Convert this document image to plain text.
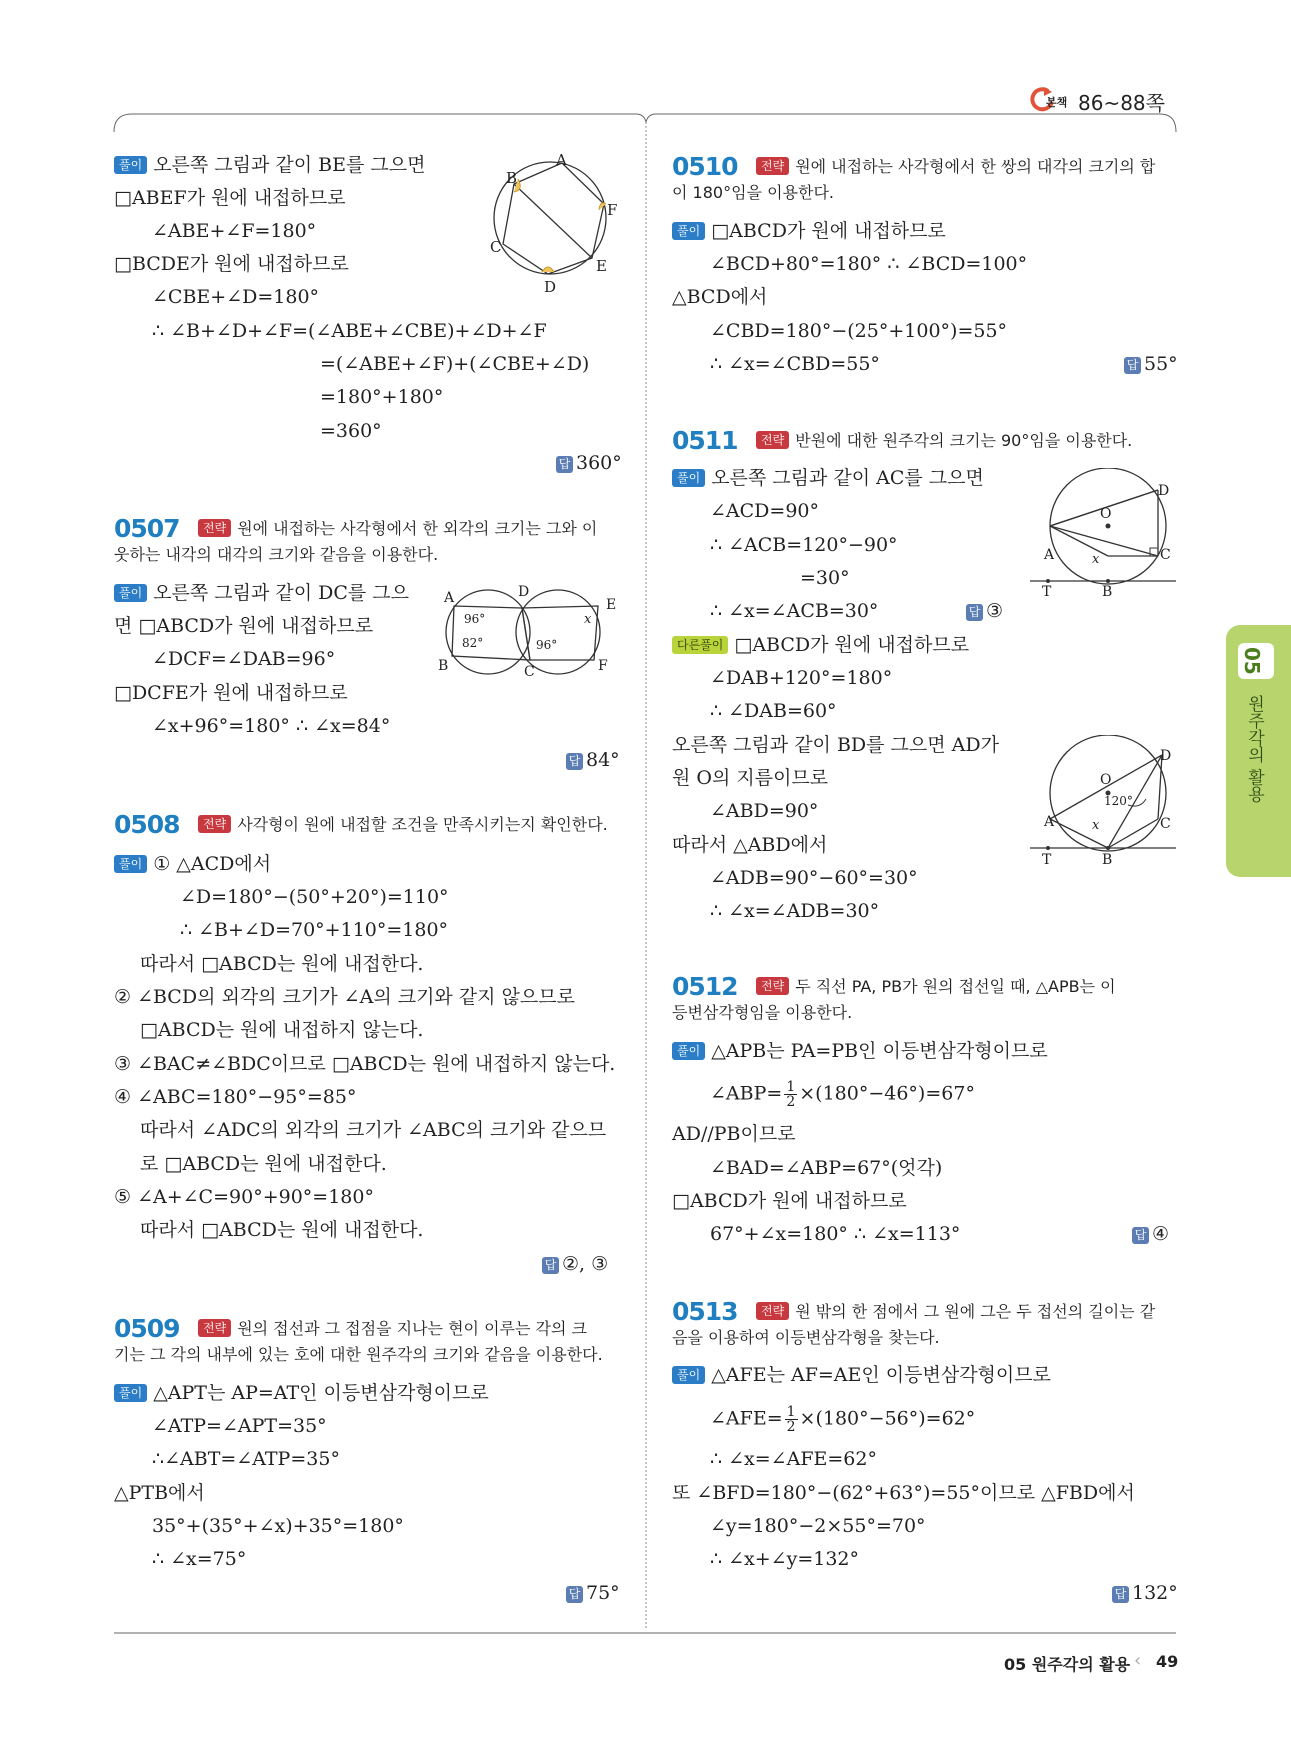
본책 86~88쪽
05
원주각의 활용
풀이 오른쪽 그림과 같이 BE를 그으면
□ABEF가 원에 내접하므로
∠ABE+∠F=180°
□BCDE가 원에 내접하므로
∠CBE+∠D=180°
∴ ∠B+∠D+∠F=(∠ABE+∠CBE)+∠D+∠F
=(∠ABE+∠F)+(∠CBE+∠D)
=180°+180°
=360°
답 360°
A
B
C
D
E
F
0507	전략 원에 내접하는 사각형에서 한 외각의 크기는 그와 이
웃하는 내각의 대각의 크기와 같음을 이용한다.
풀이 오른쪽 그림과 같이 DC를 그으
면 □ABCD가 원에 내접하므로
∠DCF=∠DAB=96°
□DCFE가 원에 내접하므로
∠x+96°=180° ∴ ∠x=84°
답 84°
A	D
E
B	C	F
96°
82°	96°
x
0508	전략 사각형이 원에 내접할 조건을 만족시키는지 확인한다.
풀이 ① △ACD에서
∠D=180°−(50°+20°)=110°
∴ ∠B+∠D=70°+110°=180°
따라서 □ABCD는 원에 내접한다.
② ∠BCD의 외각의 크기가 ∠A의 크기와 같지 않으므로
□ABCD는 원에 내접하지 않는다.
③ ∠BAC≠∠BDC이므로 □ABCD는 원에 내접하지 않는다.
④ ∠ABC=180°−95°=85°
따라서 ∠ADC의 외각의 크기가 ∠ABC의 크기와 같으므
로 □ABCD는 원에 내접한다.
⑤ ∠A+∠C=90°+90°=180°
따라서 □ABCD는 원에 내접한다.
답 ②, ③
0509	전략 원의 접선과 그 접점을 지나는 현이 이루는 각의 크
기는 그 각의 내부에 있는 호에 대한 원주각의 크기와 같음을 이용한다.
풀이 △APT는 AP=AT인 이등변삼각형이므로
∠ATP=∠APT=35°
∴∠ABT=∠ATP=35°
△PTB에서
35°+(35°+∠x)+35°=180°
∴ ∠x=75°
답 75°
0510	전략 원에 내접하는 사각형에서 한 쌍의 대각의 크기의 합
이 180°임을 이용한다.
풀이 □ABCD가 원에 내접하므로
∠BCD+80°=180° ∴ ∠BCD=100°
△BCD에서
∠CBD=180°−(25°+100°)=55°
∴ ∠x=∠CBD=55°	답 55°
0511	전략 반원에 대한 원주각의 크기는 90°임을 이용한다.
풀이 오른쪽 그림과 같이 AC를 그으면
∠ACD=90°
∴ ∠ACB=120°−90°
=30°
∴ ∠x=∠ACB=30°	답 ③
다른풀이 □ABCD가 원에 내접하므로
∠DAB+120°=180°
∴ ∠DAB=60°
오른쪽 그림과 같이 BD를 그으면 AD가
원 O의 지름이므로
∠ABD=90°
따라서 △ABD에서
∠ADB=90°−60°=30°
∴ ∠x=∠ADB=30°
D
O
A	C
T	B
x
D
O
120°
A	C
T	B
x
0512	전략 두 직선 PA, PB가 원의 접선일 때, △APB는 이
등변삼각형임을 이용한다.
풀이 △APB는 PA=PB인 이등변삼각형이므로
∠ABP= $\frac{1}{2} \times(180^\circ-46^\circ)=67^\circ$
AD//PB이므로
∠BAD=∠ABP=67°(엇각)
□ABCD가 원에 내접하므로
67°+∠x=180° ∴ ∠x=113°	답 ④
0513	전략 원 밖의 한 점에서 그 원에 그은 두 접선의 길이는 같
음을 이용하여 이등변삼각형을 찾는다.
풀이 △AFE는 AF=AE인 이등변삼각형이므로
∠AFE= $\frac{1}{2} \times(180^\circ-56^\circ)=62^\circ$
∴ ∠x=∠AFE=62°
또 ∠BFD=180°−(62°+63°)=55°이므로 △FBD에서
∠y=180°−2×55°=70°
∴ ∠x+∠y=132°
답 132°
05 원주각의 활용 ‹ 49
